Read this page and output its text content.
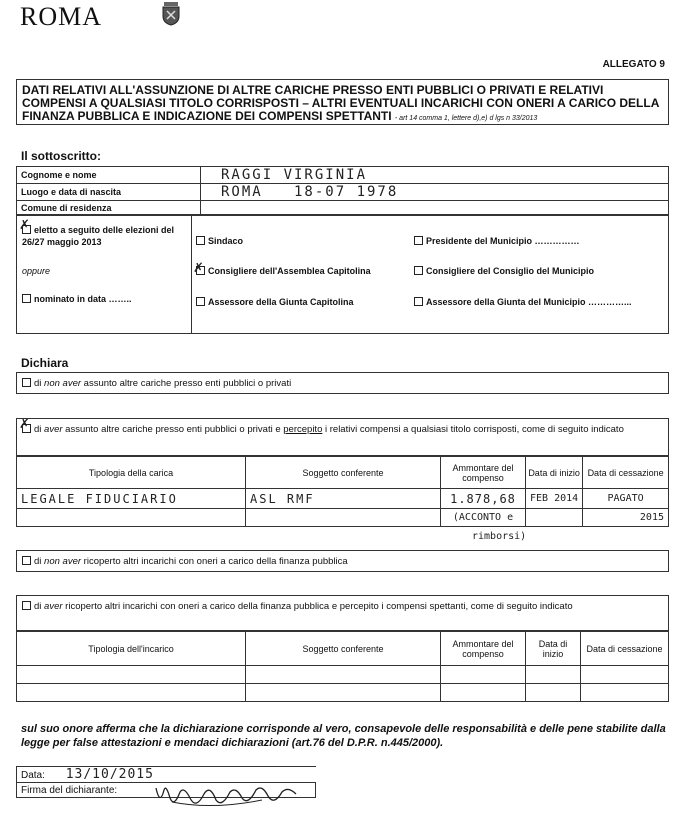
ROMA
ALLEGATO 9
DATI RELATIVI ALL'ASSUNZIONE DI ALTRE CARICHE PRESSO ENTI PUBBLICI O PRIVATI E RELATIVI COMPENSI A QUALSIASI TITOLO CORRISPOSTI – ALTRI EVENTUALI INCARICHI CON ONERI A CARICO DELLA FINANZA PUBBLICA E INDICAZIONE DEI COMPENSI SPETTANTI - art 14 comma 1, lettere d),e) d lgs n 33/2013
Il sottoscritto:
Cognome e nome	RAGGI VIRGINIA
Luogo e data di nascita	ROMA   18-07 1978
Comune di residenza	
✗ eletto a seguito delle elezioni del 26/27 maggio 2013
oppure
nominato in data ……..
Sindaco
✗ Consigliere dell'Assemblea Capitolina
Assessore della Giunta Capitolina
Presidente del Municipio ……………
Consigliere del Consiglio del Municipio
Assessore della Giunta del Municipio …………...
Dichiara
di non aver assunto altre cariche presso enti pubblici o privati
✗ di aver assunto altre cariche presso enti pubblici o privati e percepito i relativi compensi a qualsiasi titolo corrisposti, come di seguito indicato
Tipologia della carica	Soggetto conferente	Ammontare del compenso	Data di inizio	Data di cessazione
LEGALE FIDUCIARIO	ASL RMF	1.878,68	FEB 2014	PAGATO
		(ACCONTO e		2015
rimborsi)
di non aver ricoperto altri incarichi con oneri a carico della finanza pubblica
di aver ricoperto altri incarichi con oneri a carico della finanza pubblica e percepito i compensi spettanti, come di seguito indicato
Tipologia dell'incarico	Soggetto conferente	Ammontare del compenso	Data di inizio	Data di cessazione

sul suo onore afferma che la dichiarazione corrisponde al vero, consapevole delle responsabilità e delle pene stabilite dalla legge per false attestazioni e mendaci dichiarazioni (art.76 del D.P.R. n.445/2000).
Data: 13/10/2015
Firma del dichiarante:
